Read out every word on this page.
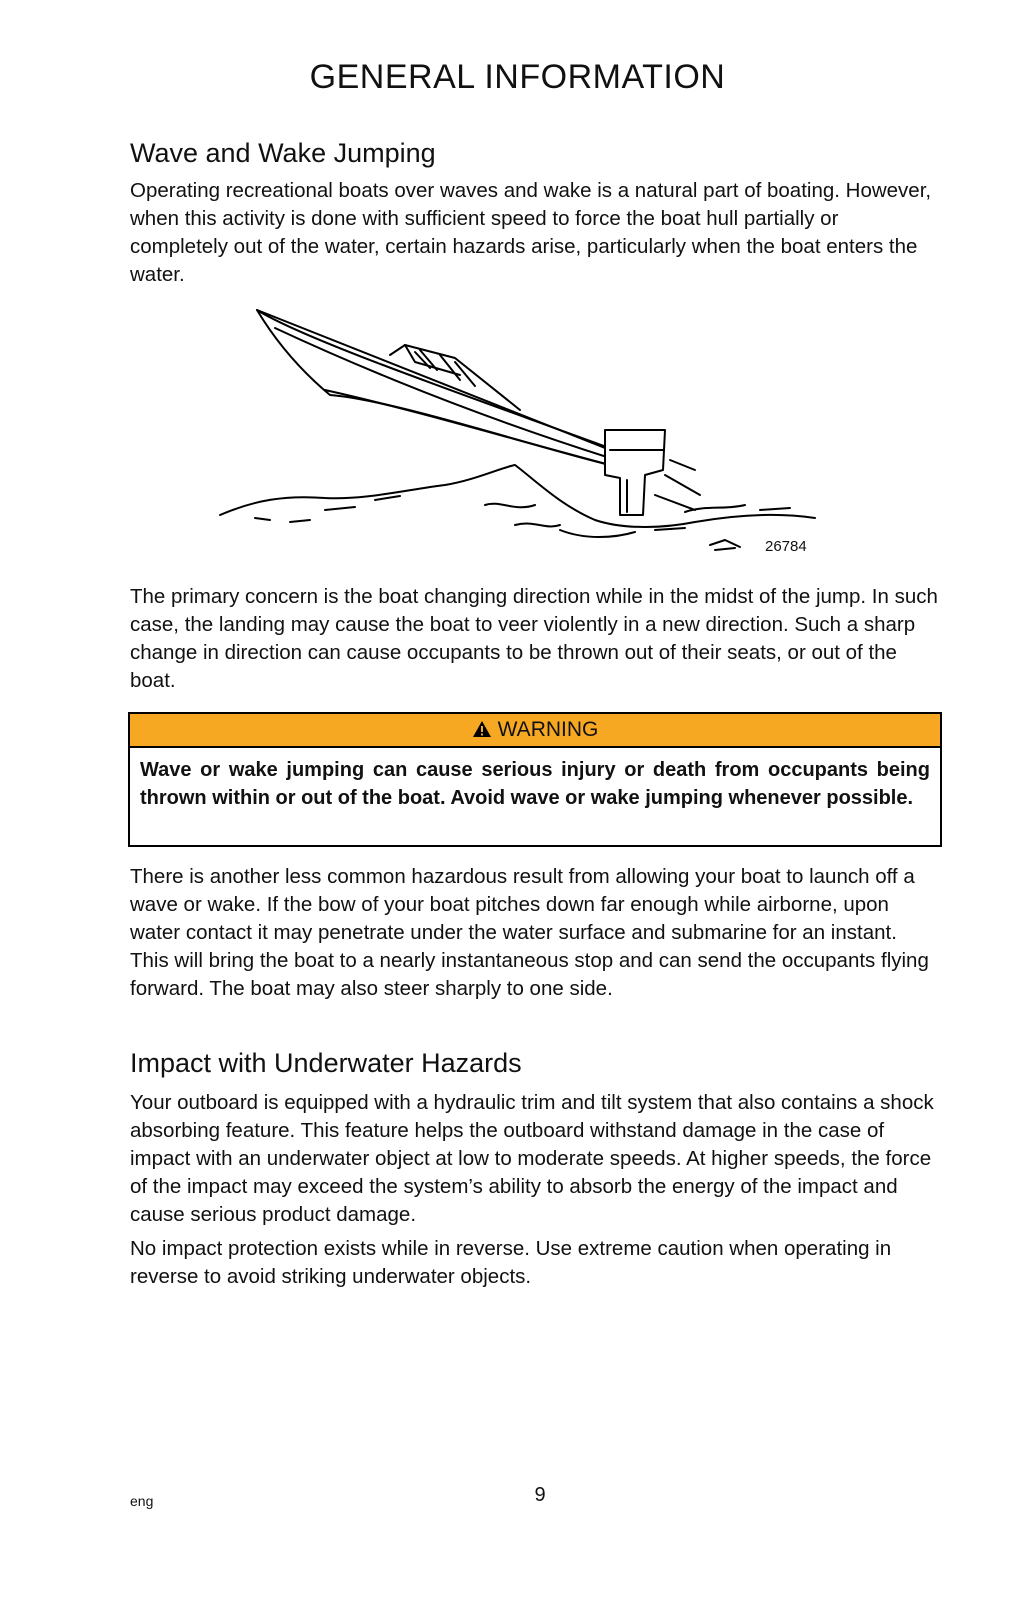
GENERAL INFORMATION
Wave and Wake Jumping

Operating recreational boats over waves and wake is a natural part of boating. However, when this activity is done with sufficient speed to force the boat hull partially or completely out of the water, certain hazards arise, particularly when the boat enters the water.

26784

The primary concern is the boat changing direction while in the midst of the jump. In such case, the landing may cause the boat to veer violently in a new direction. Such a sharp change in direction can cause occupants to be thrown out of their seats, or out of the boat.

WARNING
Wave or wake jumping can cause serious injury or death from occupants being thrown within or out of the boat. Avoid wave or wake jumping whenever possible.

There is another less common hazardous result from allowing your boat to launch off a wave or wake. If the bow of your boat pitches down far enough while airborne, upon water contact it may penetrate under the water surface and submarine for an instant. This will bring the boat to a nearly instantaneous stop and can send the occupants flying forward. The boat may also steer sharply to one side.

Impact with Underwater Hazards

Your outboard is equipped with a hydraulic trim and tilt system that also contains a shock absorbing feature. This feature helps the outboard withstand damage in the case of impact with an underwater object at low to moderate speeds. At higher speeds, the force of the impact may exceed the system’s ability to absorb the energy of the impact and cause serious product damage.

No impact protection exists while in reverse. Use extreme caution when operating in reverse to avoid striking underwater objects.

eng	9
